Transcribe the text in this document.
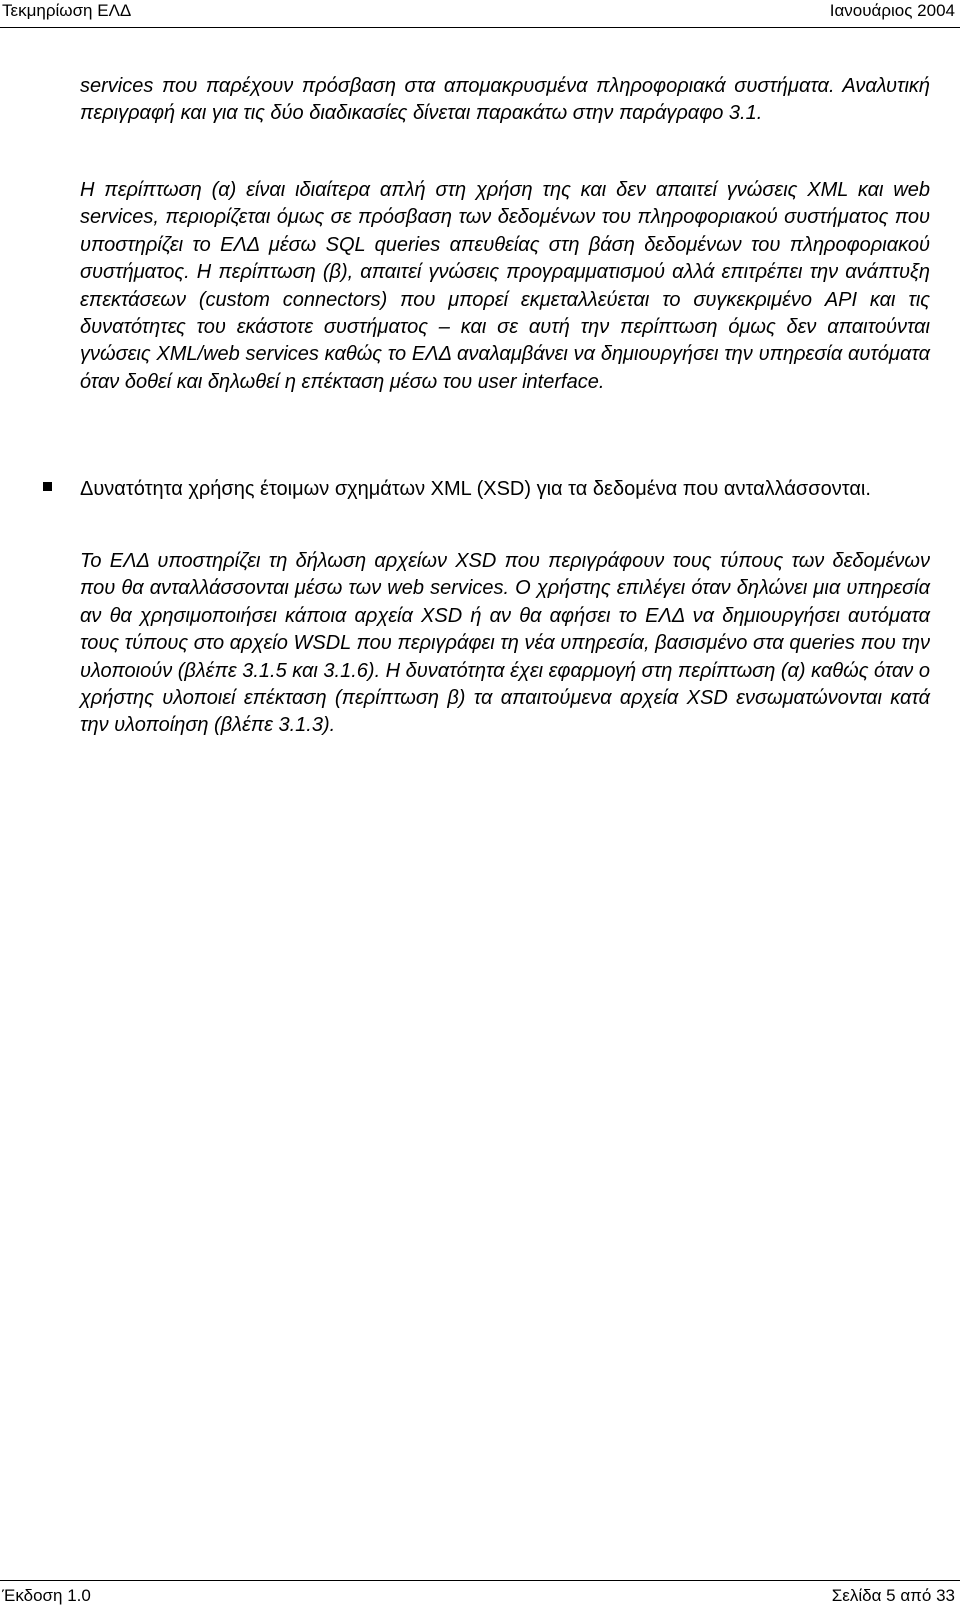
Τεκμηρίωση ΕΛΔ	Ιανουάριος 2004

services που παρέχουν πρόσβαση στα απομακρυσμένα πληροφοριακά συστήματα. Αναλυτική περιγραφή και για τις δύο διαδικασίες δίνεται παρακάτω στην παράγραφο 3.1.

Η περίπτωση (α) είναι ιδιαίτερα απλή στη χρήση της και δεν απαιτεί γνώσεις XML και web services, περιορίζεται όμως σε πρόσβαση των δεδομένων του πληροφοριακού συστήματος που υποστηρίζει το ΕΛΔ μέσω SQL queries απευθείας στη βάση δεδομένων του πληροφοριακού συστήματος. Η περίπτωση (β), απαιτεί γνώσεις προγραμματισμού αλλά επιτρέπει την ανάπτυξη επεκτάσεων (custom connectors) που μπορεί εκμεταλλεύεται το συγκεκριμένο API και τις δυνατότητες του εκάστοτε συστήματος – και σε αυτή την περίπτωση όμως δεν απαιτούνται γνώσεις XML/web services καθώς το ΕΛΔ αναλαμβάνει να δημιουργήσει την υπηρεσία αυτόματα όταν δοθεί και δηλωθεί η επέκταση μέσω του user interface.

Δυνατότητα χρήσης έτοιμων σχημάτων XML (XSD) για τα δεδομένα που ανταλλάσσονται.

Το ΕΛΔ υποστηρίζει τη δήλωση αρχείων XSD που περιγράφουν τους τύπους των δεδομένων που θα ανταλλάσσονται μέσω των web services. Ο χρήστης επιλέγει όταν δηλώνει μια υπηρεσία αν θα χρησιμοποιήσει κάποια αρχεία XSD ή αν θα αφήσει το ΕΛΔ να δημιουργήσει αυτόματα τους τύπους στο αρχείο WSDL που περιγράφει τη νέα υπηρεσία, βασισμένο στα queries που την υλοποιούν (βλέπε 3.1.5 και 3.1.6). Η δυνατότητα έχει εφαρμογή στη περίπτωση (α) καθώς όταν ο χρήστης υλοποιεί επέκταση (περίπτωση β) τα απαιτούμενα αρχεία XSD ενσωματώνονται κατά την υλοποίηση (βλέπε 3.1.3).

Έκδοση 1.0	Σελίδα 5 από 33
